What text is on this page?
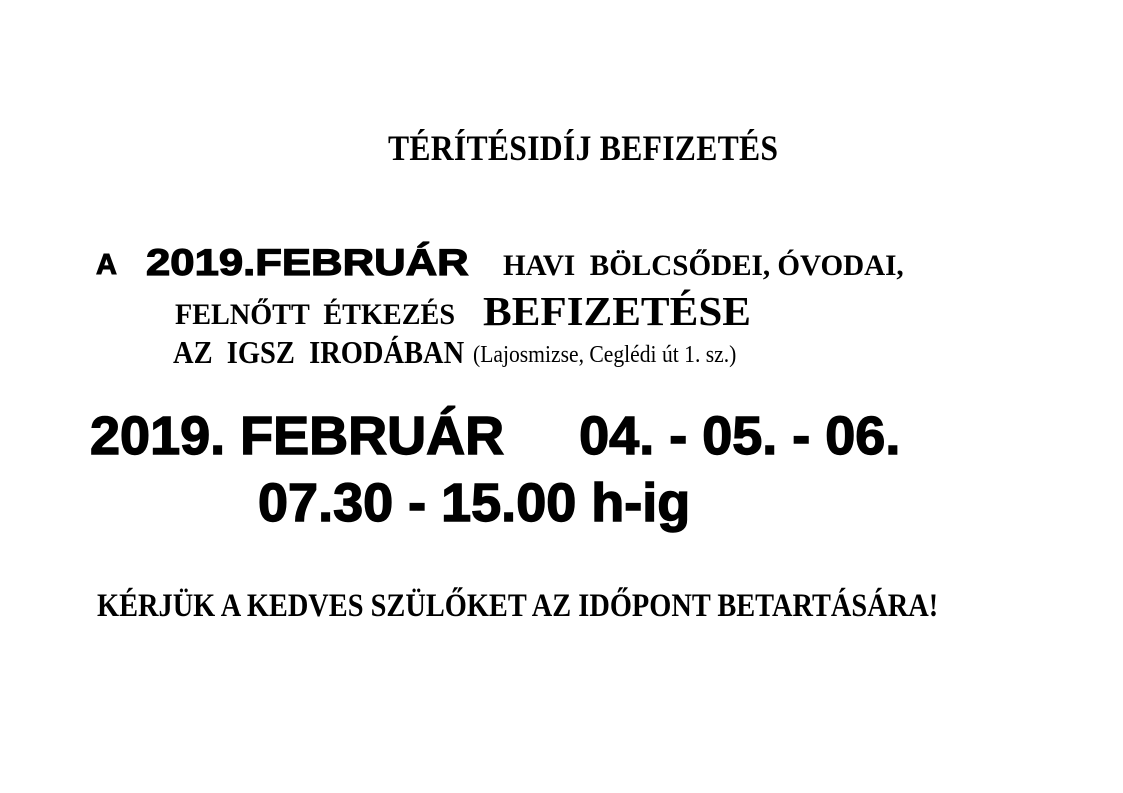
TÉRÍTÉSIDÍJ BEFIZETÉS
A 2019.FEBRUÁR HAVI  BÖLCSŐDEI, ÓVODAI,
FELNŐTT  ÉTKEZÉS BEFIZETÉSE
AZ  IGSZ  IRODÁBAN (Lajosmizse, Ceglédi út 1. sz.)
2019. FEBRUÁR     04. - 05. - 06.
07.30 - 15.00 h-ig
KÉRJÜK A KEDVES SZÜLŐKET AZ IDŐPONT BETARTÁSÁRA!
